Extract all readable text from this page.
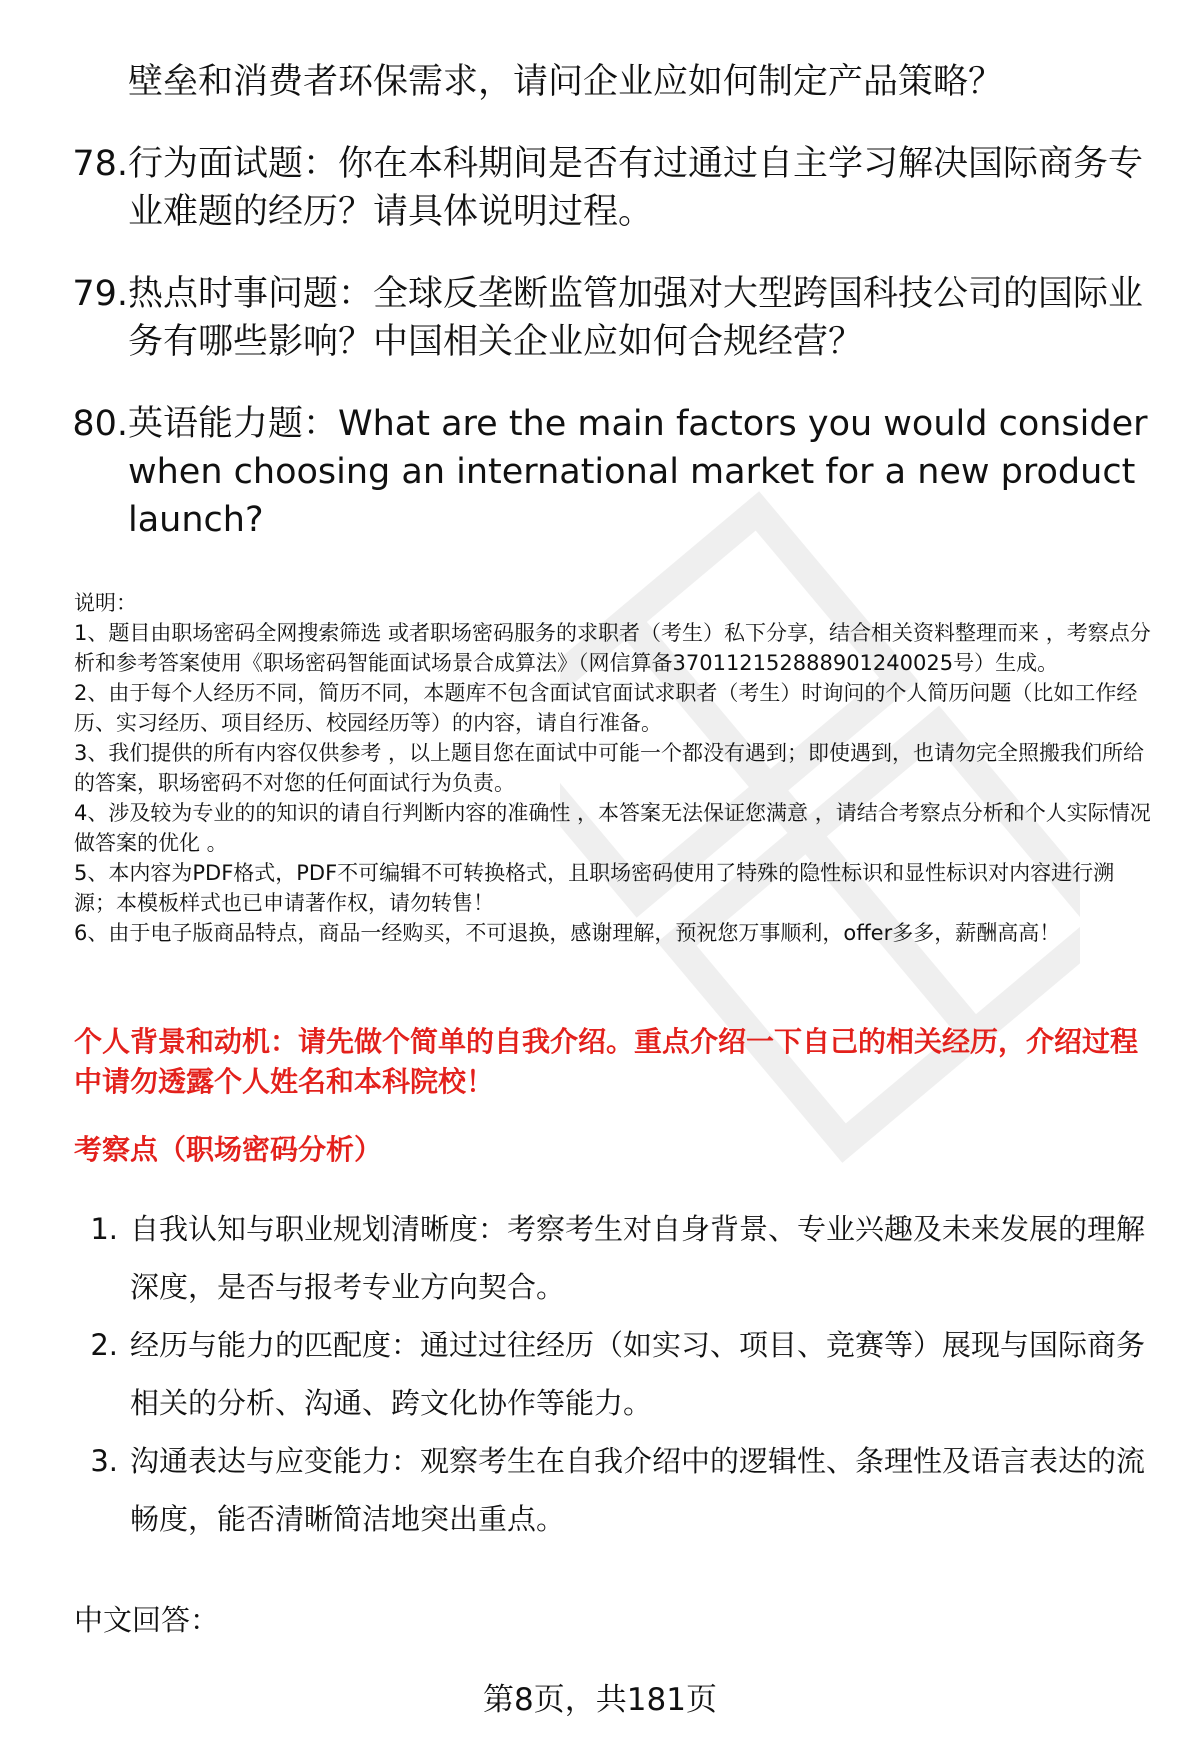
壁垒和消费者环保需求，请问企业应如何制定产品策略？
78. 行为面试题：你在本科期间是否有过通过自主学习解决国际商务专业难题的经历？请具体说明过程。
79. 热点时事问题：全球反垄断监管加强对大型跨国科技公司的国际业务有哪些影响？中国相关企业应如何合规经营？
80. 英语能力题：What are the main factors you would consider when choosing an international market for a new product launch?

说明：

1、题目由职场密码全网搜索筛选 或者职场密码服务的求职者（考生）私下分享，结合相关资料整理而来 ，考察点分析和参考答案使用《职场密码智能面试场景合成算法》（网信算备370112152888901240025号）生成。

2、由于每个人经历不同，简历不同，本题库不包含面试官面试求职者（考生）时询问的个人简历问题（比如工作经历、实习经历、项目经历、校园经历等）的内容，请自行准备。

3、我们提供的所有内容仅供参考 ，以上题目您在面试中可能一个都没有遇到；即使遇到，也请勿完全照搬我们所给的答案，职场密码不对您的任何面试行为负责。

4、涉及较为专业的的知识的请自行判断内容的准确性 ，本答案无法保证您满意 ，请结合考察点分析和个人实际情况做答案的优化 。

5、本内容为PDF格式，PDF不可编辑不可转换格式，且职场密码使用了特殊的隐性标识和显性标识对内容进行溯源；本模板样式也已申请著作权，请勿转售！

6、由于电子版商品特点，商品一经购买，不可退换，感谢理解，预祝您万事顺利，offer多多，薪酬高高！

个人背景和动机：请先做个简单的自我介绍。重点介绍一下自己的相关经历，介绍过程中请勿透露个人姓名和本科院校！
考察点（职场密码分析）
1. 自我认知与职业规划清晰度：考察考生对自身背景、专业兴趣及未来发展的理解深度，是否与报考专业方向契合。
2. 经历与能力的匹配度：通过过往经历（如实习、项目、竞赛等）展现与国际商务相关的分析、沟通、跨文化协作等能力。
3. 沟通表达与应变能力：观察考生在自我介绍中的逻辑性、条理性及语言表达的流畅度，能否清晰简洁地突出重点。
中文回答：
第8页，共181页
